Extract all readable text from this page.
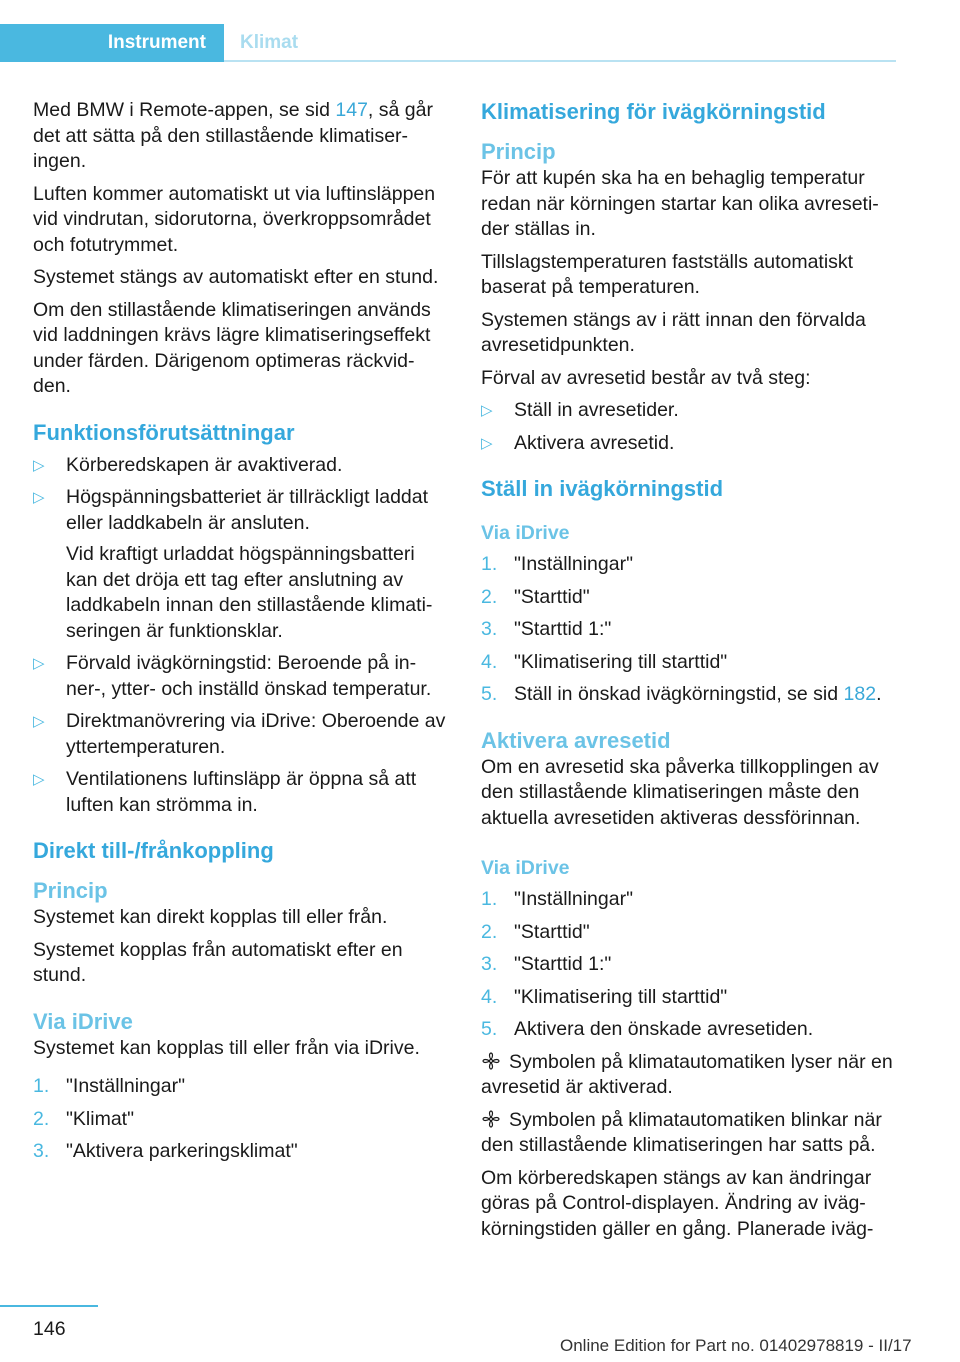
Instrument Klimat

Med BMW i Remote-appen, se sid 147, så går det att sätta på den stillastående klimatiser-ingen.

Luften kommer automatiskt ut via luftinsläppen vid vindrutan, sidorutorna, överkroppsområdet och fotutrymmet.

Systemet stängs av automatiskt efter en stund.

Om den stillastående klimatiseringen används vid laddningen krävs lägre klimatiseringseffekt under färden. Därigenom optimeras räckvid-den.

Funktionsförutsättningar
▷ Körberedskapen är avaktiverad.
▷ Högspänningsbatteriet är tillräckligt laddat eller laddkabeln är ansluten.
Vid kraftigt urladdat högspänningsbatteri kan det dröja ett tag efter anslutning av laddkabeln innan den stillastående klimati-seringen är funktionsklar.
▷ Förvald ivägkörningstid: Beroende på in-ner-, ytter- och inställd önskad temperatur.
▷ Direktmanövrering via iDrive: Oberoende av yttertemperaturen.
▷ Ventilationens luftinsläpp är öppna så att luften kan strömma in.
Direkt till-/frånkoppling
Princip

Systemet kan direkt kopplas till eller från.

Systemet kopplas från automatiskt efter en stund.

Via iDrive

Systemet kan kopplas till eller från via iDrive.

1. "Inställningar"
2. "Klimat"
3. "Aktivera parkeringsklimat"
Klimatisering för ivägkörningstid
Princip

För att kupén ska ha en behaglig temperatur redan när körningen startar kan olika avreseti-der ställas in.

Tillslagstemperaturen fastställs automatiskt baserat på temperaturen.

Systemen stängs av i rätt innan den förvalda avresetidpunkten.

Förval av avresetid består av två steg:

▷ Ställ in avresetider.
▷ Aktivera avresetid.
Ställ in ivägkörningstid
Via iDrive
1. "Inställningar"
2. "Starttid"
3. "Starttid 1:"
4. "Klimatisering till starttid"
5. Ställ in önskad ivägkörningstid, se sid 182.
Aktivera avresetid

Om en avresetid ska påverka tillkopplingen av den stillastående klimatiseringen måste den aktuella avresetiden aktiveras dessförinnan.

Via iDrive
1. "Inställningar"
2. "Starttid"
3. "Starttid 1:"
4. "Klimatisering till starttid"
5. Aktivera den önskade avresetiden.

Symbolen på klimatautomatiken lyser när en avresetid är aktiverad.

Symbolen på klimatautomatiken blinkar när den stillastående klimatiseringen har satts på.

Om körberedskapen stängs av kan ändringar göras på Control-displayen. Ändring av iväg-körningstiden gäller en gång. Planerade iväg-

146
Online Edition for Part no. 01402978819 - II/17
